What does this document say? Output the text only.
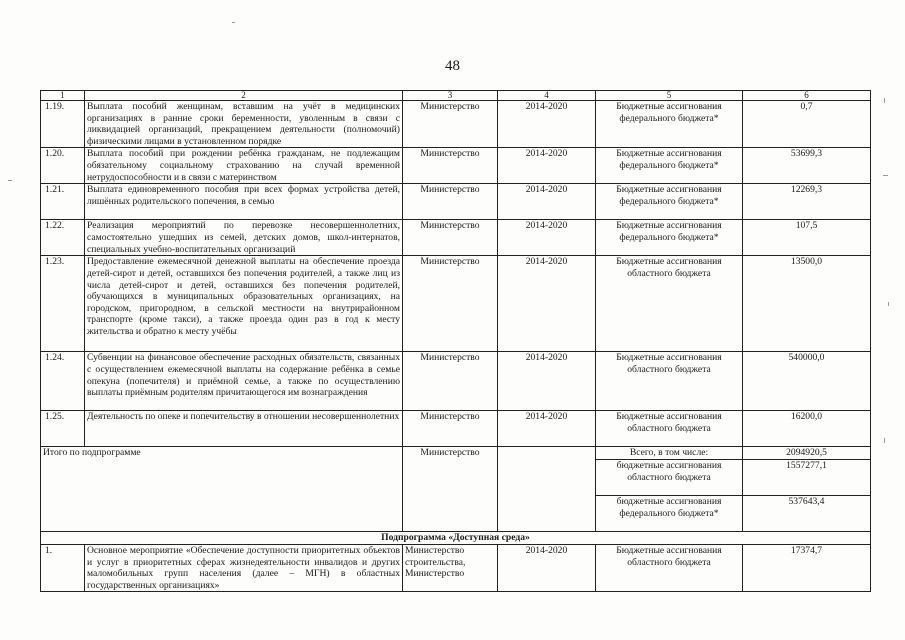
48
1	2	3	4	5	6
1.19.	Выплата пособий женщинам, вставшим на учёт в медицинских организациях в ранние сроки беременности, уволенным в связи с ликвидацией организаций, прекращением деятельности (полномочий) физическими лицами в установленном порядке	Министерство	2014-2020	Бюджетные ассигнования федерального бюджета*	0,7
1.20.	Выплата пособий при рождении ребёнка гражданам, не подлежащим обязательному социальному страхованию на случай временной нетрудоспособности и в связи с материнством	Министерство	2014-2020	Бюджетные ассигнования федерального бюджета*	53699,3
1.21.	Выплата единовременного пособия при всех формах устройства детей, лишённых родительского попечения, в семью	Министерство	2014-2020	Бюджетные ассигнования федерального бюджета*	12269,3
1.22.	Реализация мероприятий по перевозке несовершеннолетних, самостоятельно ушедших из семей, детских домов, школ-интернатов, специальных учебно-воспитательных организаций	Министерство	2014-2020	Бюджетные ассигнования федерального бюджета*	107,5
1.23.	Предоставление ежемесячной денежной выплаты на обеспечение проезда детей-сирот и детей, оставшихся без попечения родителей, а также лиц из числа детей-сирот и детей, оставшихся без попечения родителей, обучающихся в муниципальных образовательных организациях, на городском, пригородном, в сельской местности на внутрирайонном транспорте (кроме такси), а также проезда один раз в год к месту жительства и обратно к месту учёбы	Министерство	2014-2020	Бюджетные ассигнования областного бюджета	13500,0
1.24.	Субвенции на финансовое обеспечение расходных обязательств, связанных с осуществлением ежемесячной выплаты на содержание ребёнка в семье опекуна (попечителя) и приёмной семье, а также по осуществлению выплаты приёмным родителям причитающегося им вознаграждения	Министерство	2014-2020	Бюджетные ассигнования областного бюджета	540000,0
1.25.	Деятельность по опеке и попечительству в отношении несовершеннолетних	Министерство	2014-2020	Бюджетные ассигнования областного бюджета	16200,0
Итого по подпрограмме		Министерство		Всего, в том числе:	2094920,5
				бюджетные ассигнования областного бюджета	1557277,1
				бюджетные ассигнования федерального бюджета*	537643,4
Подпрограмма «Доступная среда»					
1.	Основное мероприятие «Обеспечение доступности приоритетных объектов и услуг в приоритетных сферах жизнедеятельности инвалидов и других маломобильных групп населения (далее – МГН) в областных государственных организациях»	Министерство строительства, Министерство	2014-2020	Бюджетные ассигнования областного бюджета	17374,7
